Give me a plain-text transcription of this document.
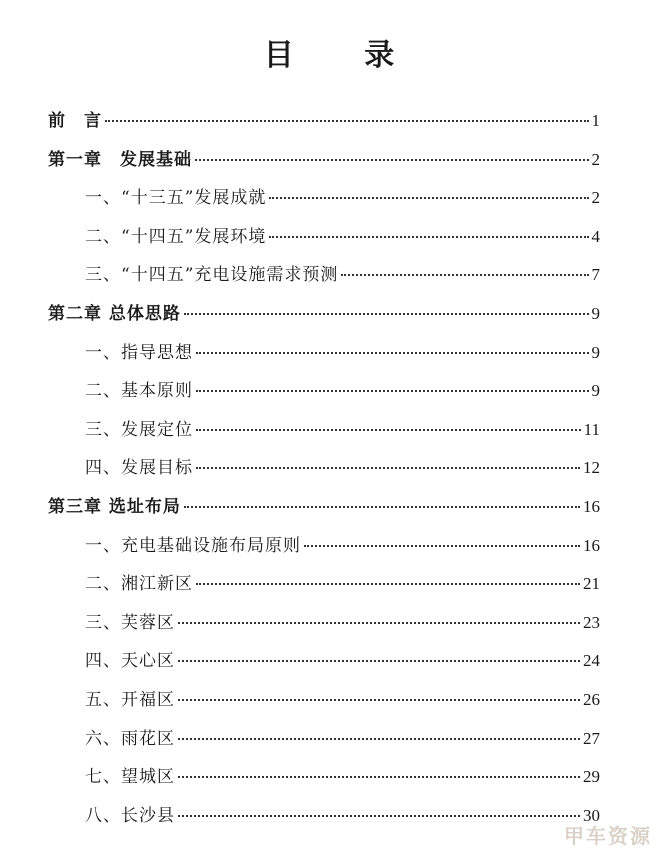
目 录
前　言	1
第一章　发展基础	2
一、“十三五”发展成就	2
二、“十四五”发展环境	4
三、“十四五”充电设施需求预测	7
第二章 总体思路	9
一、指导思想	9
二、基本原则	9
三、发展定位	11
四、发展目标	12
第三章 选址布局	16
一、充电基础设施布局原则	16
二、湘江新区	21
三、芙蓉区	23
四、天心区	24
五、开福区	26
六、雨花区	27
七、望城区	29
八、长沙县	30
甲车资源
